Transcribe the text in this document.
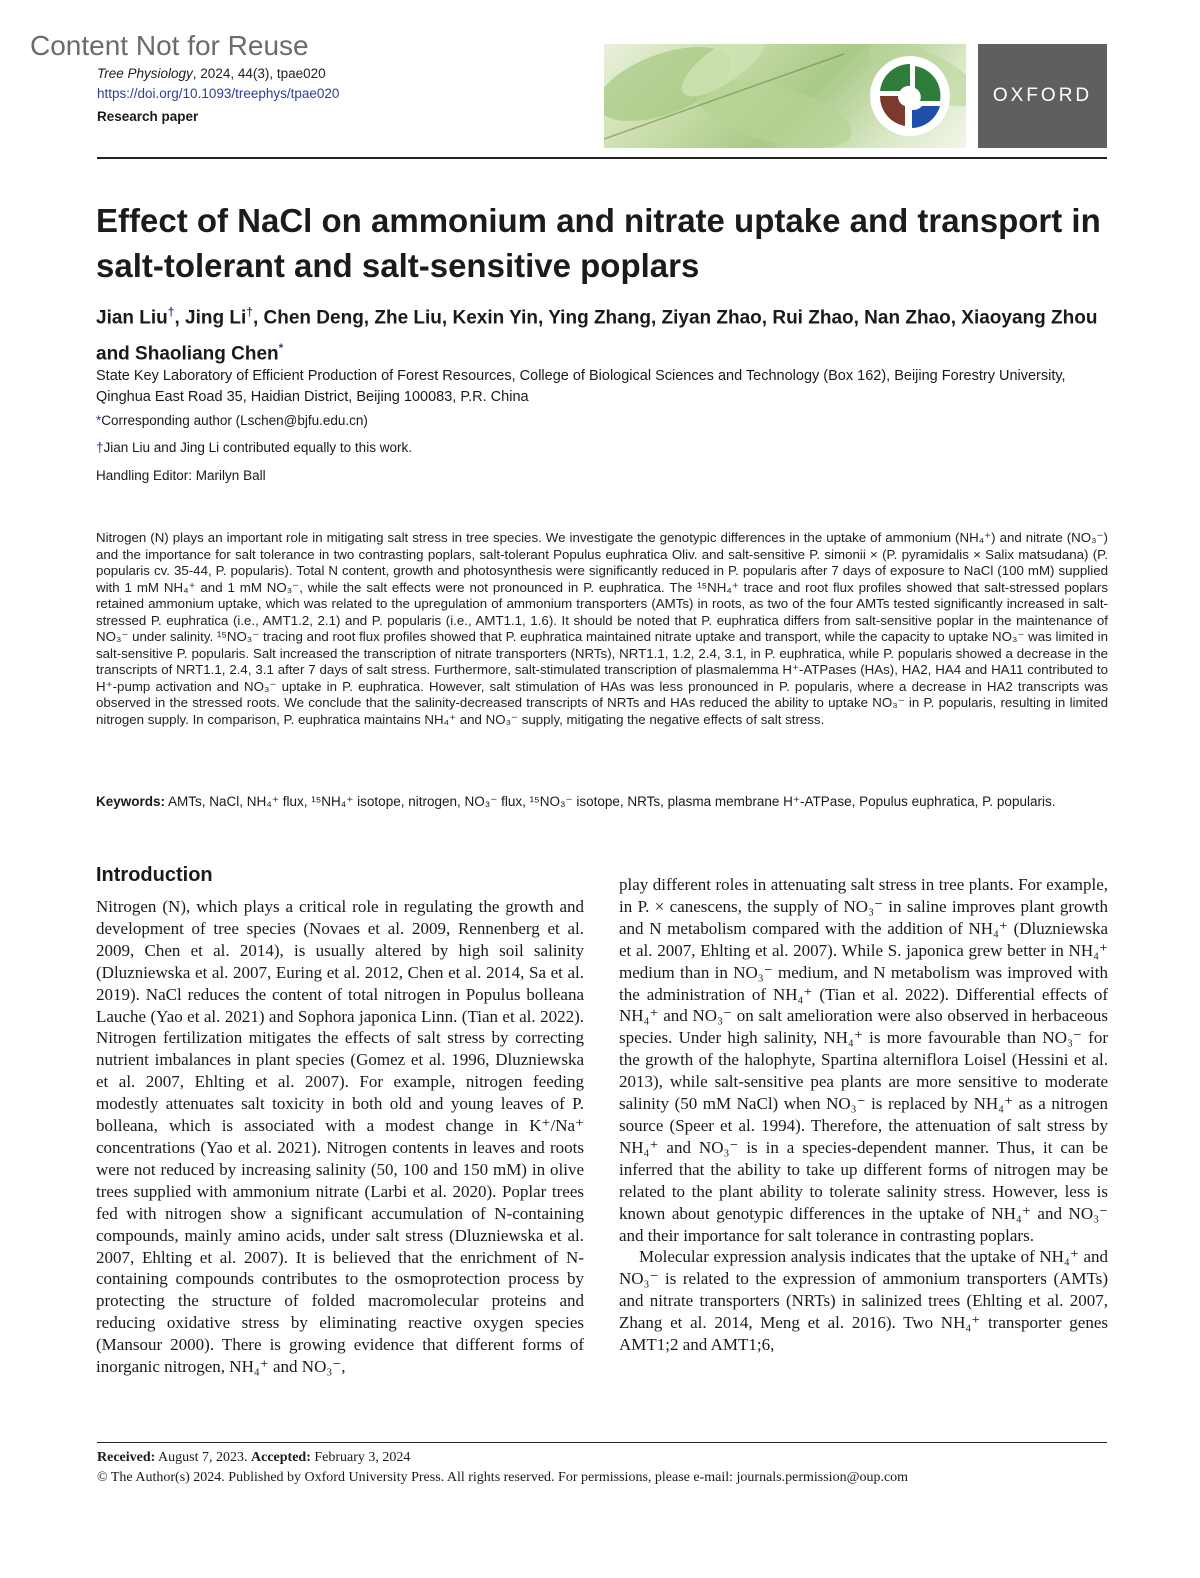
Content Not for Reuse
Tree Physiology, 2024, 44(3), tpae020
https://doi.org/10.1093/treephys/tpae020
Research paper
OXFORD
Effect of NaCl on ammonium and nitrate uptake and transport in salt-tolerant and salt-sensitive poplars
Jian Liu†, Jing Li†, Chen Deng, Zhe Liu, Kexin Yin, Ying Zhang, Ziyan Zhao, Rui Zhao, Nan Zhao, Xiaoyang Zhou and Shaoliang Chen*
State Key Laboratory of Efficient Production of Forest Resources, College of Biological Sciences and Technology (Box 162), Beijing Forestry University, Qinghua East Road 35, Haidian District, Beijing 100083, P.R. China
*Corresponding author (Lschen@bjfu.edu.cn)
†Jian Liu and Jing Li contributed equally to this work.
Handling Editor: Marilyn Ball
Nitrogen (N) plays an important role in mitigating salt stress in tree species. We investigate the genotypic differences in the uptake of ammonium (NH₄⁺) and nitrate (NO₃⁻) and the importance for salt tolerance in two contrasting poplars, salt-tolerant Populus euphratica Oliv. and salt-sensitive P. simonii × (P. pyramidalis × Salix matsudana) (P. popularis cv. 35-44, P. popularis). Total N content, growth and photosynthesis were significantly reduced in P. popularis after 7 days of exposure to NaCl (100 mM) supplied with 1 mM NH₄⁺ and 1 mM NO₃⁻, while the salt effects were not pronounced in P. euphratica. The ¹⁵NH₄⁺ trace and root flux profiles showed that salt-stressed poplars retained ammonium uptake, which was related to the upregulation of ammonium transporters (AMTs) in roots, as two of the four AMTs tested significantly increased in salt-stressed P. euphratica (i.e., AMT1.2, 2.1) and P. popularis (i.e., AMT1.1, 1.6). It should be noted that P. euphratica differs from salt-sensitive poplar in the maintenance of NO₃⁻ under salinity. ¹⁵NO₃⁻ tracing and root flux profiles showed that P. euphratica maintained nitrate uptake and transport, while the capacity to uptake NO₃⁻ was limited in salt-sensitive P. popularis. Salt increased the transcription of nitrate transporters (NRTs), NRT1.1, 1.2, 2.4, 3.1, in P. euphratica, while P. popularis showed a decrease in the transcripts of NRT1.1, 2.4, 3.1 after 7 days of salt stress. Furthermore, salt-stimulated transcription of plasmalemma H⁺-ATPases (HAs), HA2, HA4 and HA11 contributed to H⁺-pump activation and NO₃⁻ uptake in P. euphratica. However, salt stimulation of HAs was less pronounced in P. popularis, where a decrease in HA2 transcripts was observed in the stressed roots. We conclude that the salinity-decreased transcripts of NRTs and HAs reduced the ability to uptake NO₃⁻ in P. popularis, resulting in limited nitrogen supply. In comparison, P. euphratica maintains NH₄⁺ and NO₃⁻ supply, mitigating the negative effects of salt stress.
Keywords: AMTs, NaCl, NH₄⁺ flux, ¹⁵NH₄⁺ isotope, nitrogen, NO₃⁻ flux, ¹⁵NO₃⁻ isotope, NRTs, plasma membrane H⁺-ATPase, Populus euphratica, P. popularis.
Introduction

Nitrogen (N), which plays a critical role in regulating the growth and development of tree species (Novaes et al. 2009, Rennenberg et al. 2009, Chen et al. 2014), is usually altered by high soil salinity (Dluzniewska et al. 2007, Euring et al. 2012, Chen et al. 2014, Sa et al. 2019). NaCl reduces the content of total nitrogen in Populus bolleana Lauche (Yao et al. 2021) and Sophora japonica Linn. (Tian et al. 2022). Nitrogen fertilization mitigates the effects of salt stress by correcting nutrient imbalances in plant species (Gomez et al. 1996, Dluzniewska et al. 2007, Ehlting et al. 2007). For example, nitrogen feeding modestly attenuates salt toxicity in both old and young leaves of P. bolleana, which is associated with a modest change in K⁺/Na⁺ concentrations (Yao et al. 2021). Nitrogen contents in leaves and roots were not reduced by increasing salinity (50, 100 and 150 mM) in olive trees supplied with ammonium nitrate (Larbi et al. 2020). Poplar trees fed with nitrogen show a significant accumulation of N-containing compounds, mainly amino acids, under salt stress (Dluzniewska et al. 2007, Ehlting et al. 2007). It is believed that the enrichment of N-containing compounds contributes to the osmoprotection process by protecting the structure of folded macromolecular proteins and reducing oxidative stress by eliminating reactive oxygen species (Mansour 2000). There is growing evidence that different forms of inorganic nitrogen, NH₄⁺ and NO₃⁻,

play different roles in attenuating salt stress in tree plants. For example, in P. × canescens, the supply of NO₃⁻ in saline improves plant growth and N metabolism compared with the addition of NH₄⁺ (Dluzniewska et al. 2007, Ehlting et al. 2007). While S. japonica grew better in NH₄⁺ medium than in NO₃⁻ medium, and N metabolism was improved with the administration of NH₄⁺ (Tian et al. 2022). Differential effects of NH₄⁺ and NO₃⁻ on salt amelioration were also observed in herbaceous species. Under high salinity, NH₄⁺ is more favourable than NO₃⁻ for the growth of the halophyte, Spartina alterniflora Loisel (Hessini et al. 2013), while salt-sensitive pea plants are more sensitive to moderate salinity (50 mM NaCl) when NO₃⁻ is replaced by NH₄⁺ as a nitrogen source (Speer et al. 1994). Therefore, the attenuation of salt stress by NH₄⁺ and NO₃⁻ is in a species-dependent manner. Thus, it can be inferred that the ability to take up different forms of nitrogen may be related to the plant ability to tolerate salinity stress. However, less is known about genotypic differences in the uptake of NH₄⁺ and NO₃⁻ and their importance for salt tolerance in contrasting poplars.

Molecular expression analysis indicates that the uptake of NH₄⁺ and NO₃⁻ is related to the expression of ammonium transporters (AMTs) and nitrate transporters (NRTs) in salinized trees (Ehlting et al. 2007, Zhang et al. 2014, Meng et al. 2016). Two NH₄⁺ transporter genes AMT1;2 and AMT1;6,

Received: August 7, 2023. Accepted: February 3, 2024
© The Author(s) 2024. Published by Oxford University Press. All rights reserved. For permissions, please e-mail: journals.permission@oup.com
